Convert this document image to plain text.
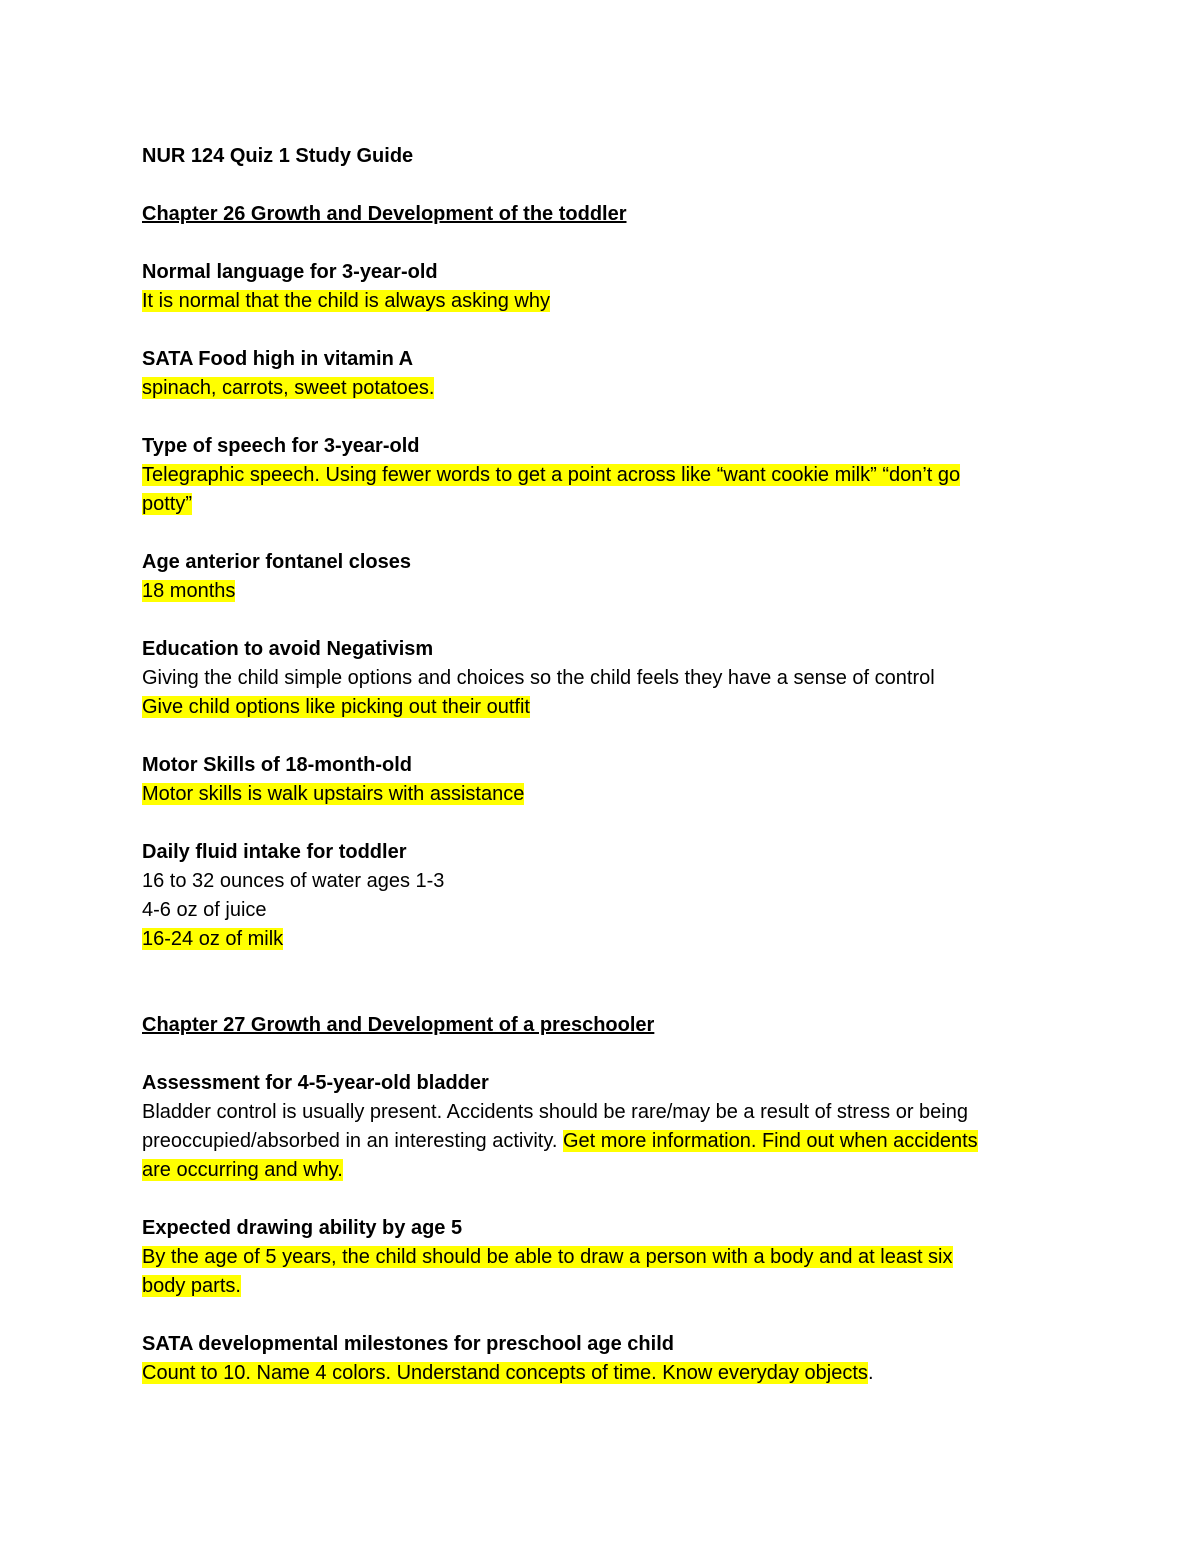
NUR 124 Quiz 1 Study Guide
Chapter 26 Growth and Development of the toddler
Normal language for 3-year-old
It is normal that the child is always asking why
SATA Food high in vitamin A
spinach, carrots, sweet potatoes.
Type of speech for 3-year-old
Telegraphic speech. Using fewer words to get a point across like “want cookie milk” “don’t go
potty”
Age anterior fontanel closes
18 months
Education to avoid Negativism
Giving the child simple options and choices so the child feels they have a sense of control
Give child options like picking out their outfit
Motor Skills of 18-month-old
Motor skills is walk upstairs with assistance
Daily fluid intake for toddler
16 to 32 ounces of water ages 1-3
4-6 oz of juice
16-24 oz of milk
Chapter 27 Growth and Development of a preschooler
Assessment for 4-5-year-old bladder
Bladder control is usually present. Accidents should be rare/may be a result of stress or being
preoccupied/absorbed in an interesting activity. Get more information. Find out when accidents
are occurring and why.
Expected drawing ability by age 5
By the age of 5 years, the child should be able to draw a person with a body and at least six
body parts.
SATA developmental milestones for preschool age child
Count to 10. Name 4 colors. Understand concepts of time. Know everyday objects.
